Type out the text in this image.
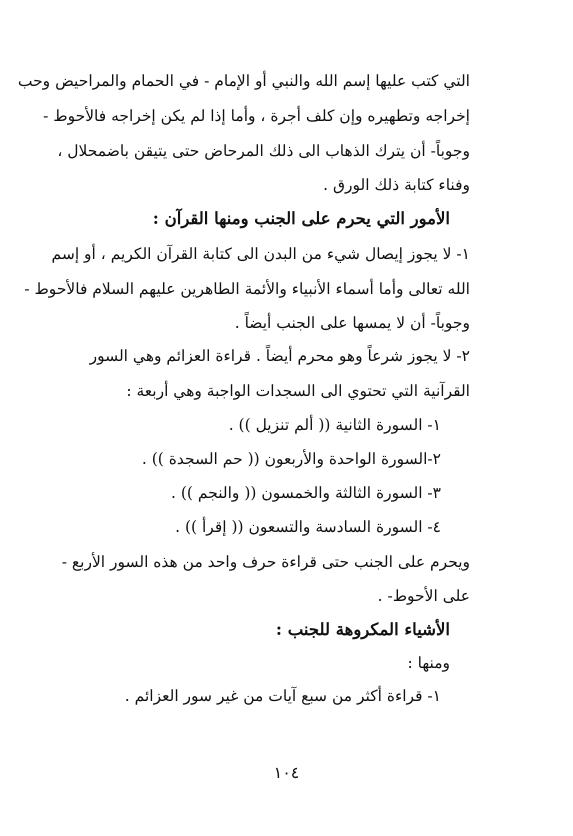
التي كتب عليها إسم الله والنبي أو الإمام - في الحمام والمراحيض وحب
إخراجه وتطهيره وإن كلف أجرة ، وأما إذا لم يكن إخراجه فالأحوط -
وجوباً- أن يترك الذهاب الى ذلك المرحاض حتى يتيقن باضمحلال ،
وفناء كتابة ذلك الورق .
الأمور التي يحرم على الجنب ومنها القرآن :
١- لا يجوز إيصال شيء من البدن الى كتابة القرآن الكريم ، أو إسم
الله تعالى وأما أسماء الأنبياء والأئمة الطاهرين عليهم السلام فالأحوط -
وجوباً- أن لا يمسها على الجنب أيضاً .
٢- لا يجوز شرعاً وهو محرم أيضاً . قراءة العزائم وهي السور
القرآنية التي تحتوي الى السجدات الواجبة وهي أربعة :
١- السورة الثانية (( ألم تنزيل )) .
٢-السورة الواحدة والأربعون (( حم السجدة )) .
٣- السورة الثالثة والخمسون (( والنجم )) .
٤- السورة السادسة والتسعون (( إقرأ )) .
ويحرم على الجنب حتى قراءة حرف واحد من هذه السور الأربع -
على الأحوط- .
الأشياء المكروهة للجنب :
ومنها :
١- قراءة أكثر من سبع آيات من غير سور العزائم .
١٠٤
